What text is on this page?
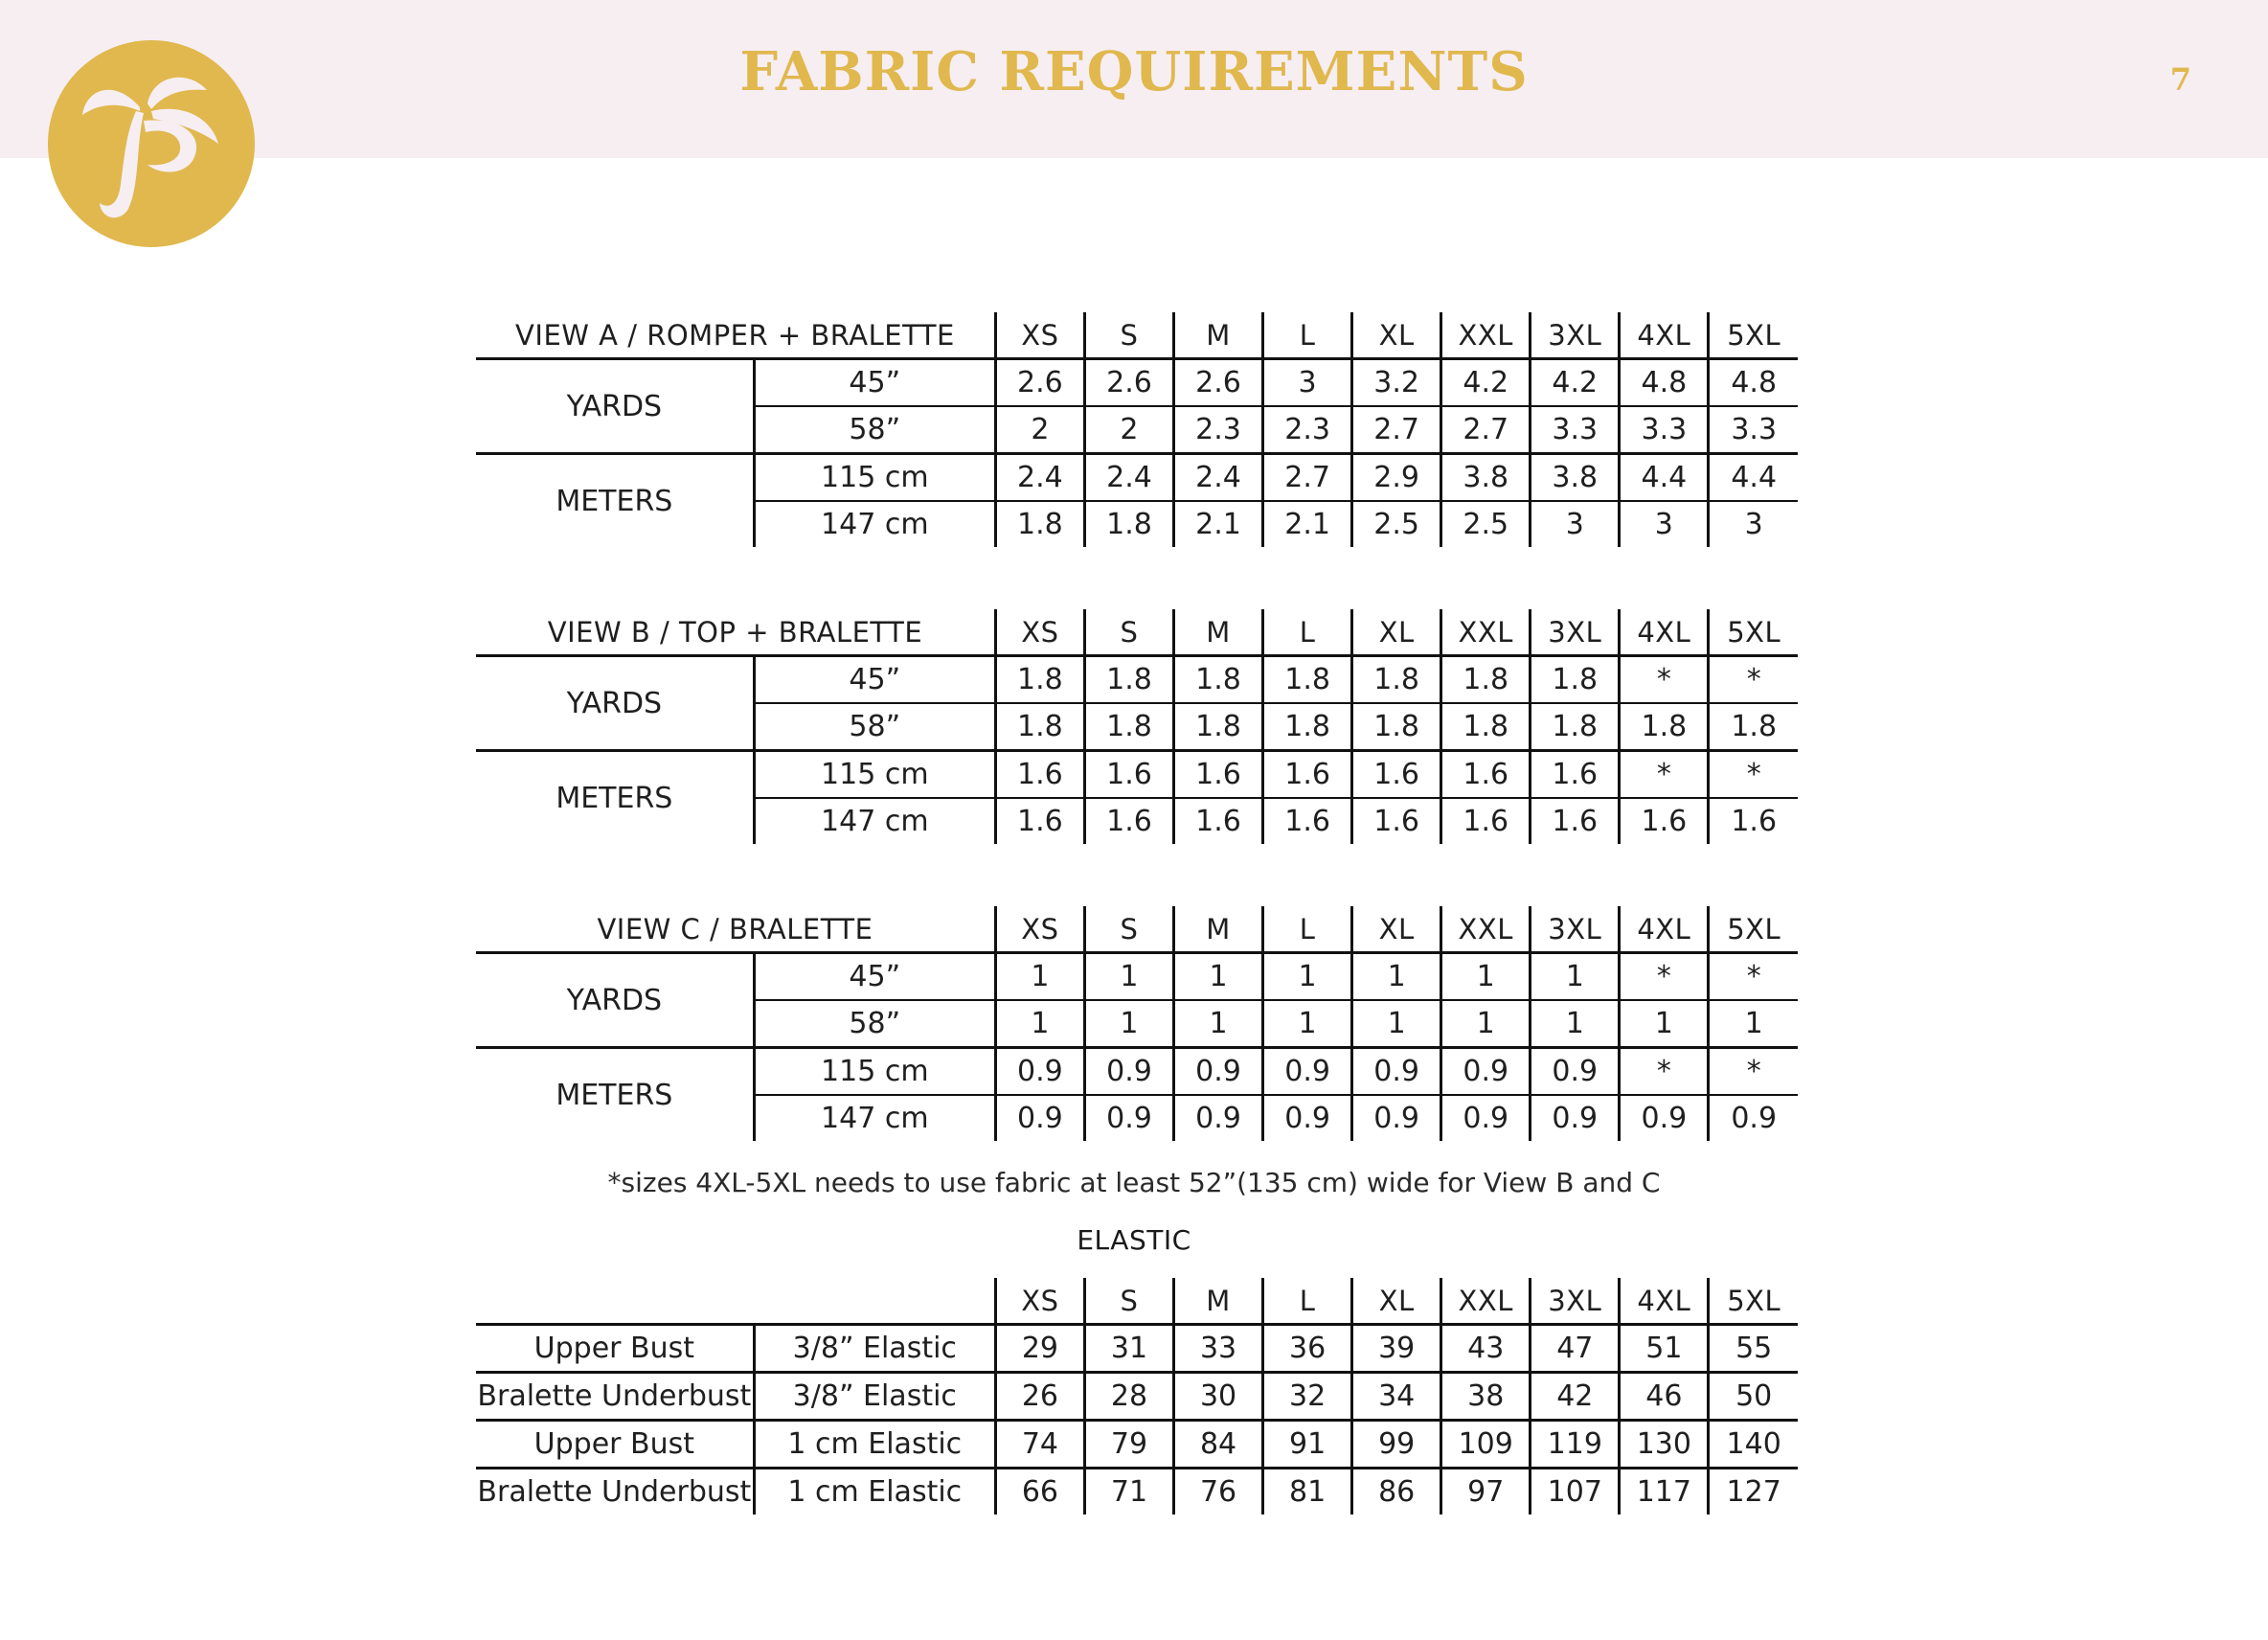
FABRIC REQUIREMENTS	7
VIEW A / ROMPER + BRALETTE		XS	S	M	L	XL	XXL	3XL	4XL	5XL
YARDS	45”	2.6	2.6	2.6	3	3.2	4.2	4.2	4.8	4.8
	58”	2	2	2.3	2.3	2.7	2.7	3.3	3.3	3.3
METERS	115 cm	2.4	2.4	2.4	2.7	2.9	3.8	3.8	4.4	4.4
	147 cm	1.8	1.8	2.1	2.1	2.5	2.5	3	3	3
VIEW B / TOP + BRALETTE		XS	S	M	L	XL	XXL	3XL	4XL	5XL
YARDS	45”	1.8	1.8	1.8	1.8	1.8	1.8	1.8	*	*
	58”	1.8	1.8	1.8	1.8	1.8	1.8	1.8	1.8	1.8
METERS	115 cm	1.6	1.6	1.6	1.6	1.6	1.6	1.6	*	*
	147 cm	1.6	1.6	1.6	1.6	1.6	1.6	1.6	1.6	1.6
VIEW C / BRALETTE		XS	S	M	L	XL	XXL	3XL	4XL	5XL
YARDS	45”	1	1	1	1	1	1	1	*	*
	58”	1	1	1	1	1	1	1	1	1
METERS	115 cm	0.9	0.9	0.9	0.9	0.9	0.9	0.9	*	*
	147 cm	0.9	0.9	0.9	0.9	0.9	0.9	0.9	0.9	0.9
*sizes 4XL-5XL needs to use fabric at least 52”(135 cm) wide for View B and C
ELASTIC
		XS	S	M	L	XL	XXL	3XL	4XL	5XL
Upper Bust	3/8” Elastic	29	31	33	36	39	43	47	51	55
Bralette Underbust	3/8” Elastic	26	28	30	32	34	38	42	46	50
Upper Bust	1 cm Elastic	74	79	84	91	99	109	119	130	140
Bralette Underbust	1 cm Elastic	66	71	76	81	86	97	107	117	127
